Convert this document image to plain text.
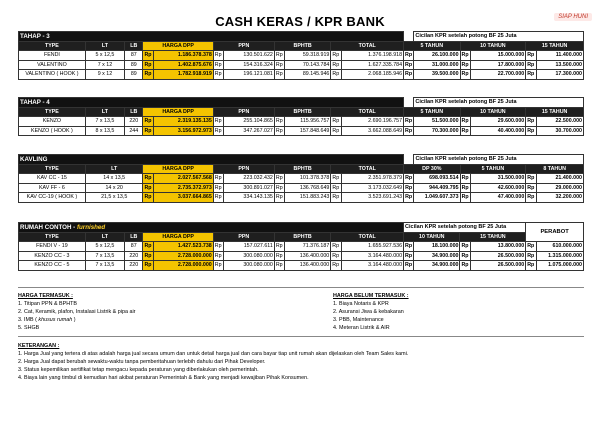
CASH KERAS / KPR BANK	SIAP HUNI
TAHAP - 3												Cicilan KPR setelah potong BF 25 Juta				
TYPE	LT	LB	HARGA DPP		PPN		BPHTB		TOTAL		5 TAHUN		10 TAHUN		15 TAHUN	
FENDI	5 x 12,5	87	Rp	1.186.378.378	Rp	130.501.622	Rp	59.318.919	Rp	1.376.198.918	Rp	26.100.000	Rp	15.000.000	Rp	11.400.000
VALENTINO	7 x 12	89	Rp	1.402.875.676	Rp	154.316.324	Rp	70.143.784	Rp	1.627.335.784	Rp	31.000.000	Rp	17.800.000	Rp	13.500.000
VALENTINO ( HOOK )	9 x 12	89	Rp	1.782.918.919	Rp	196.121.081	Rp	89.145.946	Rp	2.068.185.946	Rp	39.500.000	Rp	22.700.000	Rp	17.300.000
TAHAP - 4												Cicilan KPR setelah potong BF 25 Juta				
TYPE	LT	LB	HARGA DPP		PPN		BPHTB		TOTAL		5 TAHUN		10 TAHUN		15 TAHUN	
KENZO	7 x 13,5	220	Rp	2.319.135.135	Rp	255.104.865	Rp	115.956.757	Rp	2.690.196.757	Rp	51.500.000	Rp	29.600.000	Rp	22.500.000
KENZO ( HOOK )	8 x 13,5	244	Rp	3.156.972.973	Rp	347.267.027	Rp	157.848.649	Rp	3.662.088.649	Rp	70.300.000	Rp	40.400.000	Rp	30.700.000
KAVLING											Cicilan KPR setelah potong BF 25 Juta				
TYPE	LT	HARGA DPP		PPN		BPHTB		TOTAL		DP 30%		5 TAHUN		8 TAHUN	
KAV CC - 15	14 x 13,5	Rp	2.027.567.568	Rp	223.032.432	Rp	101.378.378	Rp	2.351.978.379	Rp	698.093.514	Rp	31.500.000	Rp	21.400.000
KAV FF - 6	14 x 20	Rp	2.735.372.973	Rp	300.891.027	Rp	136.768.649	Rp	3.173.032.649	Rp	944.409.795	Rp	42.600.000	Rp	29.000.000
KAV CC-19 ( HOOK )	21,5 x 13,5	Rp	3.037.664.865	Rp	334.143.135	Rp	151.883.243	Rp	3.523.691.243	Rp	1.049.607.373	Rp	47.400.000	Rp	32.200.000
RUMAH CONTOH - furnished											Cicilan KPR setelah potong BF 25 Juta				PERABOT	
TYPE	LT	LB	HARGA DPP		PPN		BPHTB		TOTAL		10 TAHUN		15 TAHUN			
FENDI V - 19	5 x 12,5	87	Rp	1.427.523.738	Rp	157.027.611	Rp	71.376.187	Rp	1.655.927.536	Rp	18.100.000	Rp	13.800.000	Rp	610.000.000
KENZO CC - 3	7 x 13,5	220	Rp	2.728.000.000	Rp	300.080.000	Rp	136.400.000	Rp	3.164.480.000	Rp	34.900.000	Rp	26.500.000	Rp	1.315.000.000
KENZO CC - 5	7 x 13,5	220	Rp	2.728.000.000	Rp	300.080.000	Rp	136.400.000	Rp	3.164.480.000	Rp	34.900.000	Rp	26.500.000	Rp	1.075.000.000
HARGA TERMASUK :
1. Titipan PPN & BPHTB
2. Cat, Keramik, plafon, Instalasi Listrik & pipa air
3. IMB ( khusus rumah )
5. SHGB
HARGA BELUM TERMASUK :
1. Biaya Notaris & KPR
2. Asuransi Jiwa & kebakaran
3. PBB, Maintenance
4. Meteran Listrik & AIR
KETERANGAN :
1. Harga Jual yang tertera di atas adalah harga jual secara umum dan untuk detail harga jual dan cara bayar tiap unit rumah akan dijelaskan oleh Team Sales kami.
2. Harga Jual dapat berubah sewaktu-waktu tanpa pemberitahuan terlebih dahulu dari Pihak Developer.
3. Status kepemilikan sertifikat tetap mengacu kepada peraturan yang diberlakukan oleh pemerintah.
4. Biaya lain yang timbul di kemudian hari akibat peraturan Pemerintah & Bank yang menjadi kewajiban Pihak Konsumen.
